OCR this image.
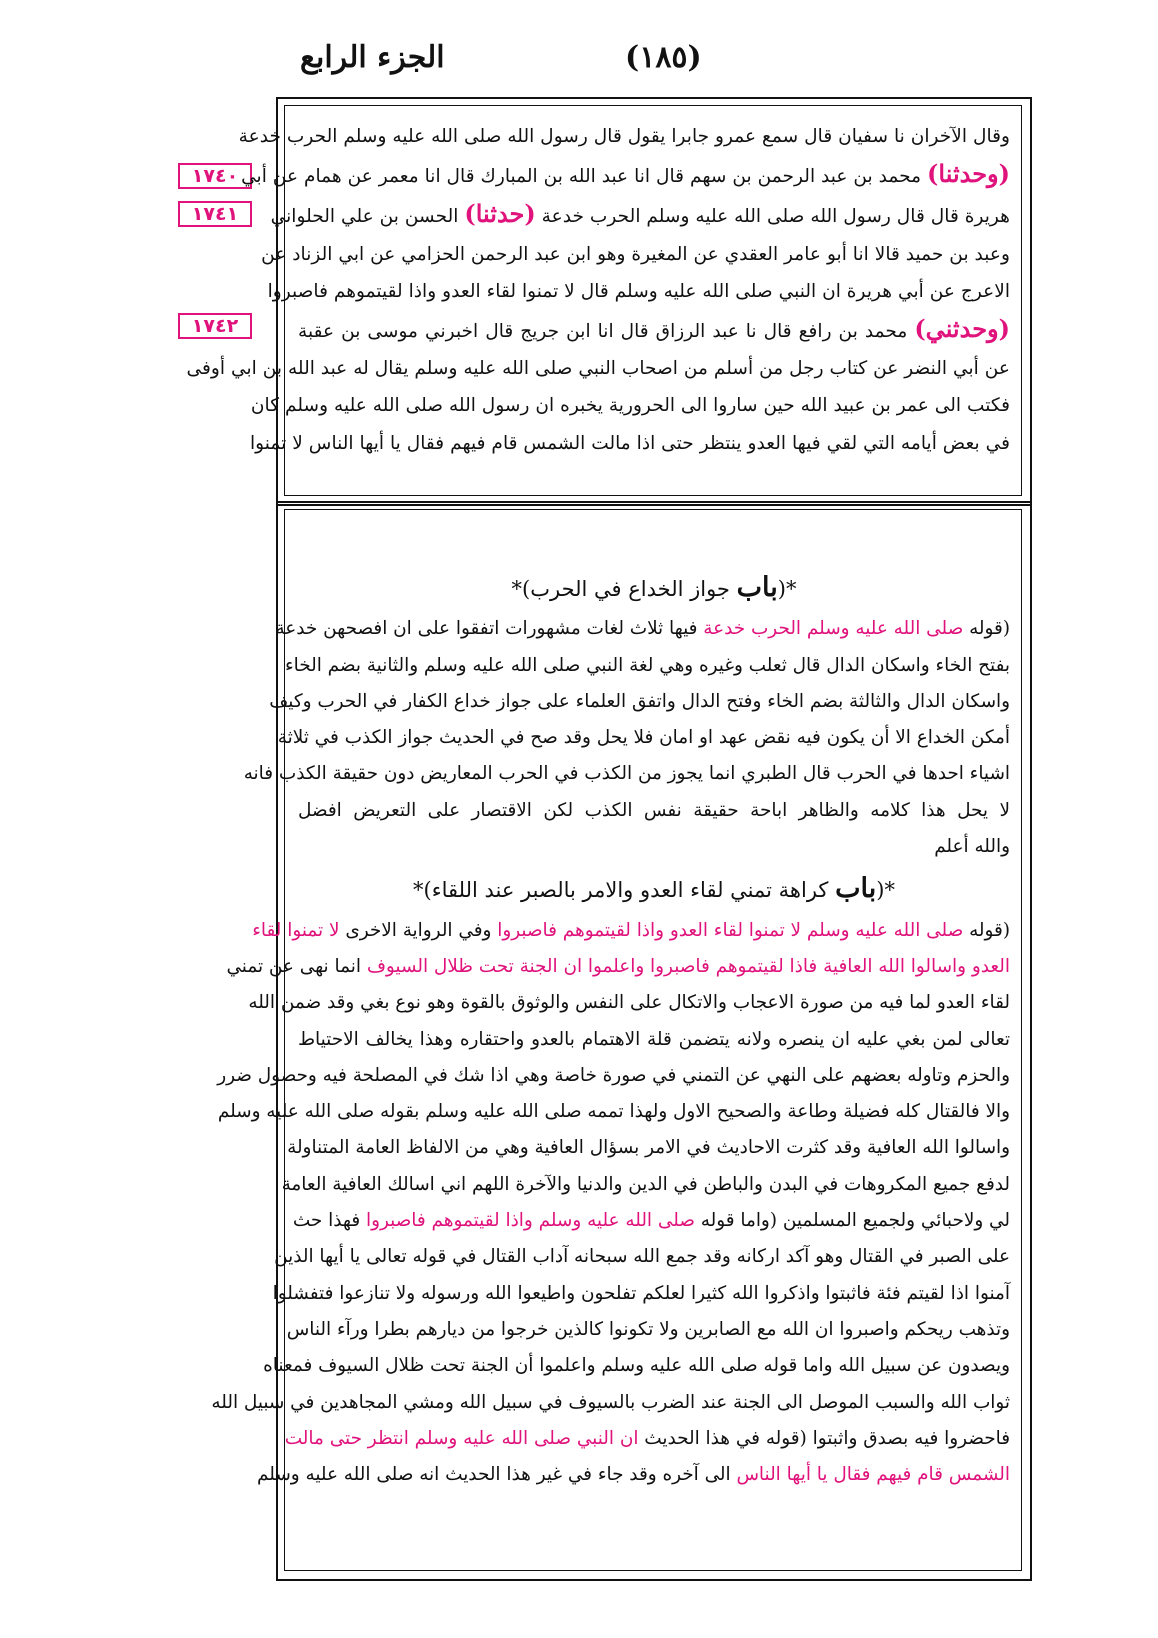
الجزء الرابع	(١٨٥)
١٧٤٠
١٧٤١
١٧٤٢
وقال الآخران نا سفيان قال سمع عمرو جابرا يقول قال رسول الله صلى الله عليه وسلم الحرب خدعة
(وحدثنا) محمد بن عبد الرحمن بن سهم قال انا عبد الله بن المبارك قال انا معمر عن همام عن أبي
هريرة قال قال رسول الله صلى الله عليه وسلم الحرب خدعة (حدثنا) الحسن بن علي الحلواني
وعبد بن حميد قالا انا أبو عامر العقدي عن المغيرة وهو ابن عبد الرحمن الحزامي عن ابي الزناد عن
الاعرج عن أبي هريرة ان النبي صلى الله عليه وسلم قال لا تمنوا لقاء العدو واذا لقيتموهم فاصبروا
(وحدثني) محمد بن رافع قال نا عبد الرزاق قال انا ابن جريج قال اخبرني موسى بن عقبة
عن أبي النضر عن كتاب رجل من أسلم من اصحاب النبي صلى الله عليه وسلم يقال له عبد الله بن ابي أوفى
فكتب الى عمر بن عبيد الله حين ساروا الى الحرورية يخبره ان رسول الله صلى الله عليه وسلم كان
في بعض أيامه التي لقي فيها العدو ينتظر حتى اذا مالت الشمس قام فيهم فقال يا أيها الناس لا تمنوا
*(باب جواز الخداع في الحرب)*
(قوله صلى الله عليه وسلم الحرب خدعة فيها ثلاث لغات مشهورات اتفقوا على ان افصحهن خدعة
بفتح الخاء واسكان الدال قال ثعلب وغيره وهي لغة النبي صلى الله عليه وسلم والثانية بضم الخاء
واسكان الدال والثالثة بضم الخاء وفتح الدال واتفق العلماء على جواز خداع الكفار في الحرب وكيف
أمكن الخداع الا أن يكون فيه نقض عهد او امان فلا يحل وقد صح في الحديث جواز الكذب في ثلاثة
اشياء احدها في الحرب قال الطبري انما يجوز من الكذب في الحرب المعاريض دون حقيقة الكذب فانه
لا يحل هذا كلامه والظاهر اباحة حقيقة نفس الكذب لكن الاقتصار على التعريض افضل
والله أعلم
*(باب كراهة تمني لقاء العدو والامر بالصبر عند اللقاء)*
(قوله صلى الله عليه وسلم لا تمنوا لقاء العدو واذا لقيتموهم فاصبروا وفي الرواية الاخرى لا تمنوا لقاء
العدو واسالوا الله العافية فاذا لقيتموهم فاصبروا واعلموا ان الجنة تحت ظلال السيوف انما نهى عن تمني
لقاء العدو لما فيه من صورة الاعجاب والاتكال على النفس والوثوق بالقوة وهو نوع بغي وقد ضمن الله
تعالى لمن بغي عليه ان ينصره ولانه يتضمن قلة الاهتمام بالعدو واحتقاره وهذا يخالف الاحتياط
والحزم وتاوله بعضهم على النهي عن التمني في صورة خاصة وهي اذا شك في المصلحة فيه وحصول ضرر
والا فالقتال كله فضيلة وطاعة والصحيح الاول ولهذا تممه صلى الله عليه وسلم بقوله صلى الله عليه وسلم
واسالوا الله العافية وقد كثرت الاحاديث في الامر بسؤال العافية وهي من الالفاظ العامة المتناولة
لدفع جميع المكروهات في البدن والباطن في الدين والدنيا والآخرة اللهم اني اسالك العافية العامة
لي ولاحبائي ولجميع المسلمين (واما قوله صلى الله عليه وسلم واذا لقيتموهم فاصبروا فهذا حث
على الصبر في القتال وهو آكد اركانه وقد جمع الله سبحانه آداب القتال في قوله تعالى يا أيها الذين
آمنوا اذا لقيتم فئة فاثبتوا واذكروا الله كثيرا لعلكم تفلحون واطيعوا الله ورسوله ولا تنازعوا فتفشلوا
وتذهب ريحكم واصبروا ان الله مع الصابرين ولا تكونوا كالذين خرجوا من ديارهم بطرا ورآء الناس
ويصدون عن سبيل الله واما قوله صلى الله عليه وسلم واعلموا أن الجنة تحت ظلال السيوف فمعناه
ثواب الله والسبب الموصل الى الجنة عند الضرب بالسيوف في سبيل الله ومشي المجاهدين في سبيل الله
فاحضروا فيه بصدق واثبتوا (قوله في هذا الحديث ان النبي صلى الله عليه وسلم انتظر حتى مالت
الشمس قام فيهم فقال يا أيها الناس الى آخره وقد جاء في غير هذا الحديث انه صلى الله عليه وسلم
